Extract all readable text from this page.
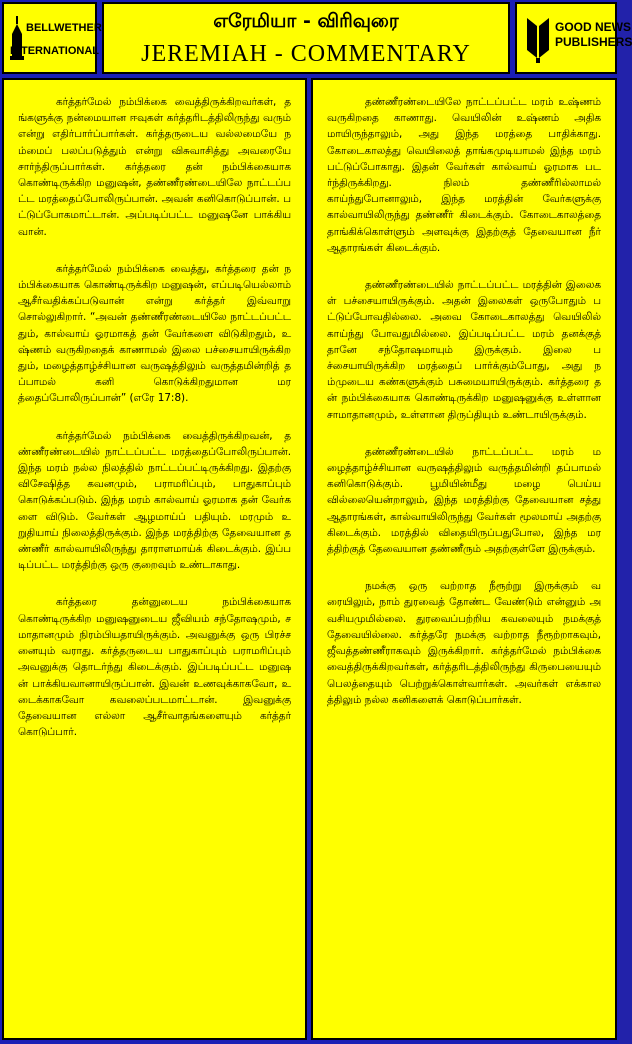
BELLWETHER
INTERNATIONAL
எரேமியா - விரிவுரை
JEREMIAH - COMMENTARY
GOOD NEWS
PUBLISHERS

கர்த்தர்மேல் நம்பிக்கை வைத்திருக்கிறவர்கள், தங்களுக்கு நன்மையான ஈவுகள் கர்த்தரிடத்திலிருந்து வரும் என்று எதிர்பார்ப்பார்கள். கர்த்தருடைய வல்லமையே நம்மைப் பலப்படுத்தும் என்று விசுவாசித்து அவரையே சார்ந்திருப்பார்கள். கர்த்தரை தன் நம்பிக்கையாக கொண்டிருக்கிற மனுஷன், தண்ணீரண்டையிலே நாட்டப்பட்ட மரத்தைப்போலிருப்பான். அவன் கனிகொடுப்பான். பட்டுப்போகமாட்டான். அப்படிப்பட்ட மனுஷனே பாக்கியவான்.

கர்த்தர்மேல் நம்பிக்கை வைத்து, கர்த்தரை தன் நம்பிக்கையாக கொண்டிருக்கிற மனுஷன், எப்படியெல்லாம் ஆசீர்வதிக்கப்படுவான் என்று கர்த்தர் இவ்வாறு சொல்லுகிறார். “அவன் தண்ணீரண்டையிலே நாட்டப்பட்டதும், கால்வாய் ஓரமாகத் தன் வேர்களை விடுகிறதும், உஷ்ணம் வருகிறதைக் காணாமல் இலை பச்சையாயிருக்கிறதும், மழைத்தாழ்ச்சியான வருஷத்திலும் வருத்தமின்றித் தப்பாமல் கனி கொடுக்கிறதுமான மரத்தைப்போலிருப்பான்” (எரே 17:8).

கர்த்தர்மேல் நம்பிக்கை வைத்திருக்கிறவன், தண்ணீரண்டையில் நாட்டப்பட்ட மரத்தைப்போலிருப்பான். இந்த மரம் நல்ல நிலத்தில் நாட்டப்பட்டிருக்கிறது. இதற்கு விசேஷித்த கவனமும், பராமரிப்பும், பாதுகாப்பும் கொடுக்கப்படும். இந்த மரம் கால்வாய் ஓரமாக தன் வேர்களை விடும். வேர்கள் ஆழமாய்ப் பதியும். மரமும் உறுதியாய் நிலைத்திருக்கும். இந்த மரத்திற்கு தேவையான தண்ணீர் கால்வாயிலிருந்து தாராளமாய்க் கிடைக்கும். இப்படிப்பட்ட மரத்திற்கு ஒரு குறைவும் உண்டாகாது.

கர்த்தரை தன்னுடைய நம்பிக்கையாக கொண்டிருக்கிற மனுஷனுடைய ஜீவியம் சந்தோஷமும், சமாதானமும் நிரம்பியதாயிருக்கும். அவனுக்கு ஒரு பிரச்சனையும் வராது. கர்த்தருடைய பாதுகாப்பும் பராமரிப்பும் அவனுக்கு தொடர்ந்து கிடைக்கும். இப்படிப்பட்ட மனுஷன் பாக்கியவானாயிருப்பான். இவன் உணவுக்காகவோ, உடைக்காகவோ கவலைப்படமாட்டான். இவனுக்கு தேவையான எல்லா ஆசீர்வாதங்களையும் கர்த்தர் கொடுப்பார்.

தண்ணீரண்டையிலே நாட்டப்பட்ட மரம் உஷ்ணம் வருகிறதை காணாது. வெயிலின் உஷ்ணம் அதிகமாயிருந்தாலும், அது இந்த மரத்தை பாதிக்காது. கோடைகாலத்து வெயிலைத் தாங்கமுடியாமல் இந்த மரம் பட்டுப்போகாது. இதன் வேர்கள் கால்வாய் ஓரமாக படர்ந்திருக்கிறது. நிலம் தண்ணீரில்லாமல் காய்ந்துபோனாலும், இந்த மரத்தின் வேர்களுக்கு கால்வாயிலிருந்து தண்ணீர் கிடைக்கும். கோடைகாலத்தை தாங்கிக்கொள்ளும் அளவுக்கு இதற்குத் தேவையான நீர் ஆதாரங்கள் கிடைக்கும்.

தண்ணீரண்டையில் நாட்டப்பட்ட மரத்தின் இலைகள் பச்சையாயிருக்கும். அதன் இலைகள் ஒருபோதும் பட்டுப்போவதில்லை. அவை கோடைகாலத்து வெயிலில் காய்ந்து போவதுமில்லை. இப்படிப்பட்ட மரம் தனக்குத் தானே சந்தோஷமாயும் இருக்கும். இலை பச்சையாயிருக்கிற மரத்தைப் பார்க்கும்போது, அது நம்முடைய கண்களுக்கும் பசுமையாயிருக்கும். கர்த்தரை தன் நம்பிக்கையாக கொண்டிருக்கிற மனுஷனுக்கு உள்ளான சாமாதானமும், உள்ளான திருப்தியும் உண்டாயிருக்கும்.

தண்ணீரண்டையில் நாட்டப்பட்ட மரம் மழைத்தாழ்ச்சியான வருஷத்திலும் வருத்தமின்றி தப்பாமல் கனிகொடுக்கும். பூமியின்மீது மழை பெய்யவில்லையென்றாலும், இந்த மரத்திற்கு தேவையான சத்து ஆதாரங்கள், கால்வாயிலிருந்து வேர்கள் மூலமாய் அதற்கு கிடைக்கும். மரத்தில் விதையிருப்பதுபோல, இந்த மரத்திற்குத் தேவையான தண்ணீரும் அதற்குள்ளே இருக்கும்.

நமக்கு ஒரு வற்றாத நீரூற்று இருக்கும் வரையிலும், நாம் துரவைத் தோண்ட வேண்டும் என்னும் அவசியமுமில்லை. துரவைப்பற்றிய கவலையும் நமக்குத் தேவையில்லை. கர்த்தரே நமக்கு வற்றாத நீரூற்றாகவும், ஜீவத்தண்ணீராகவும் இருக்கிறார். கர்த்தர்மேல் நம்பிக்கை வைத்திருக்கிறவர்கள், கர்த்தரிடத்திலிருந்து கிருபையையும் பெலத்தையும் பெற்றுக்கொள்வார்கள். அவர்கள் எக்காலத்திலும் நல்ல கனிகளைக் கொடுப்பார்கள்.
